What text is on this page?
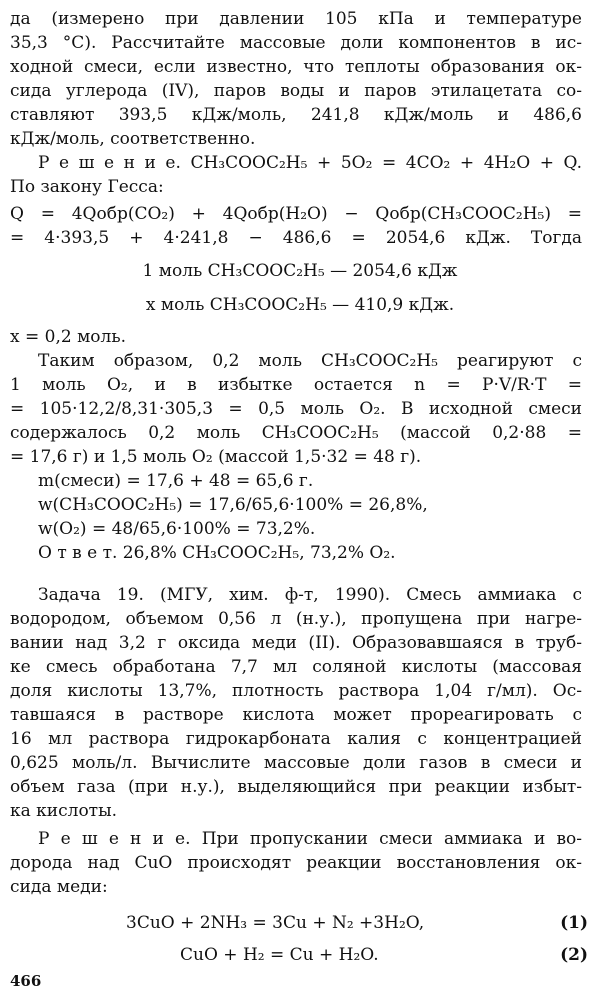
да (измерено при давлении 105 кПа и температуре
35,3 °С). Рассчитайте массовые доли компонентов в ис-
ходной смеси, если известно, что теплоты образования ок-
сида углерода (IV), паров воды и паров этилацетата со-
ставляют 393,5 кДж/моль, 241,8 кДж/моль и 486,6
кДж/моль, соответственно.
Р е ш е н и е. CH₃COOC₂H₅ + 5O₂ = 4CO₂ + 4H₂O + Q.
По закону Гесса:
Q = 4Qобр(CO₂) + 4Qобр(H₂O) − Qобр(CH₃COOC₂H₅) =
= 4·393,5 + 4·241,8 − 486,6 = 2054,6 кДж. Тогда
1 моль CH₃COOC₂H₅ — 2054,6 кДж
x моль CH₃COOC₂H₅ — 410,9 кДж.
x = 0,2 моль.
Таким образом, 0,2 моль CH₃COOC₂H₅ реагируют с
1 моль O₂, и в избытке остается n = P·V/R·T =
= 105·12,2/8,31·305,3 = 0,5 моль O₂. В исходной смеси
содержалось 0,2 моль CH₃COOC₂H₅ (массой 0,2·88 =
= 17,6 г) и 1,5 моль O₂ (массой 1,5·32 = 48 г).
m(смеси) = 17,6 + 48 = 65,6 г.
w(CH₃COOC₂H₅) = 17,6/65,6·100% = 26,8%,
w(O₂) = 48/65,6·100% = 73,2%.
О т в е т. 26,8% CH₃COOC₂H₅, 73,2% O₂.
Задача 19. (МГУ, хим. ф-т, 1990). Смесь аммиака с
водородом, объемом 0,56 л (н.у.), пропущена при нагре-
вании над 3,2 г оксида меди (II). Образовавшаяся в труб-
ке смесь обработана 7,7 мл соляной кислоты (массовая
доля кислоты 13,7%, плотность раствора 1,04 г/мл). Ос-
тавшаяся в растворе кислота может прореагировать с
16 мл раствора гидрокарбоната калия с концентрацией
0,625 моль/л. Вычислите массовые доли газов в смеси и
объем газа (при н.у.), выделяющийся при реакции избыт-
ка кислоты.
Р е ш е н и е. При пропускании смеси аммиака и во-
дорода над CuO происходят реакции восстановления ок-
сида меди:
3CuO + 2NH₃ = 3Cu + N₂ +3H₂O,	(1)
CuO + H₂ = Cu + H₂O.	(2)
466
